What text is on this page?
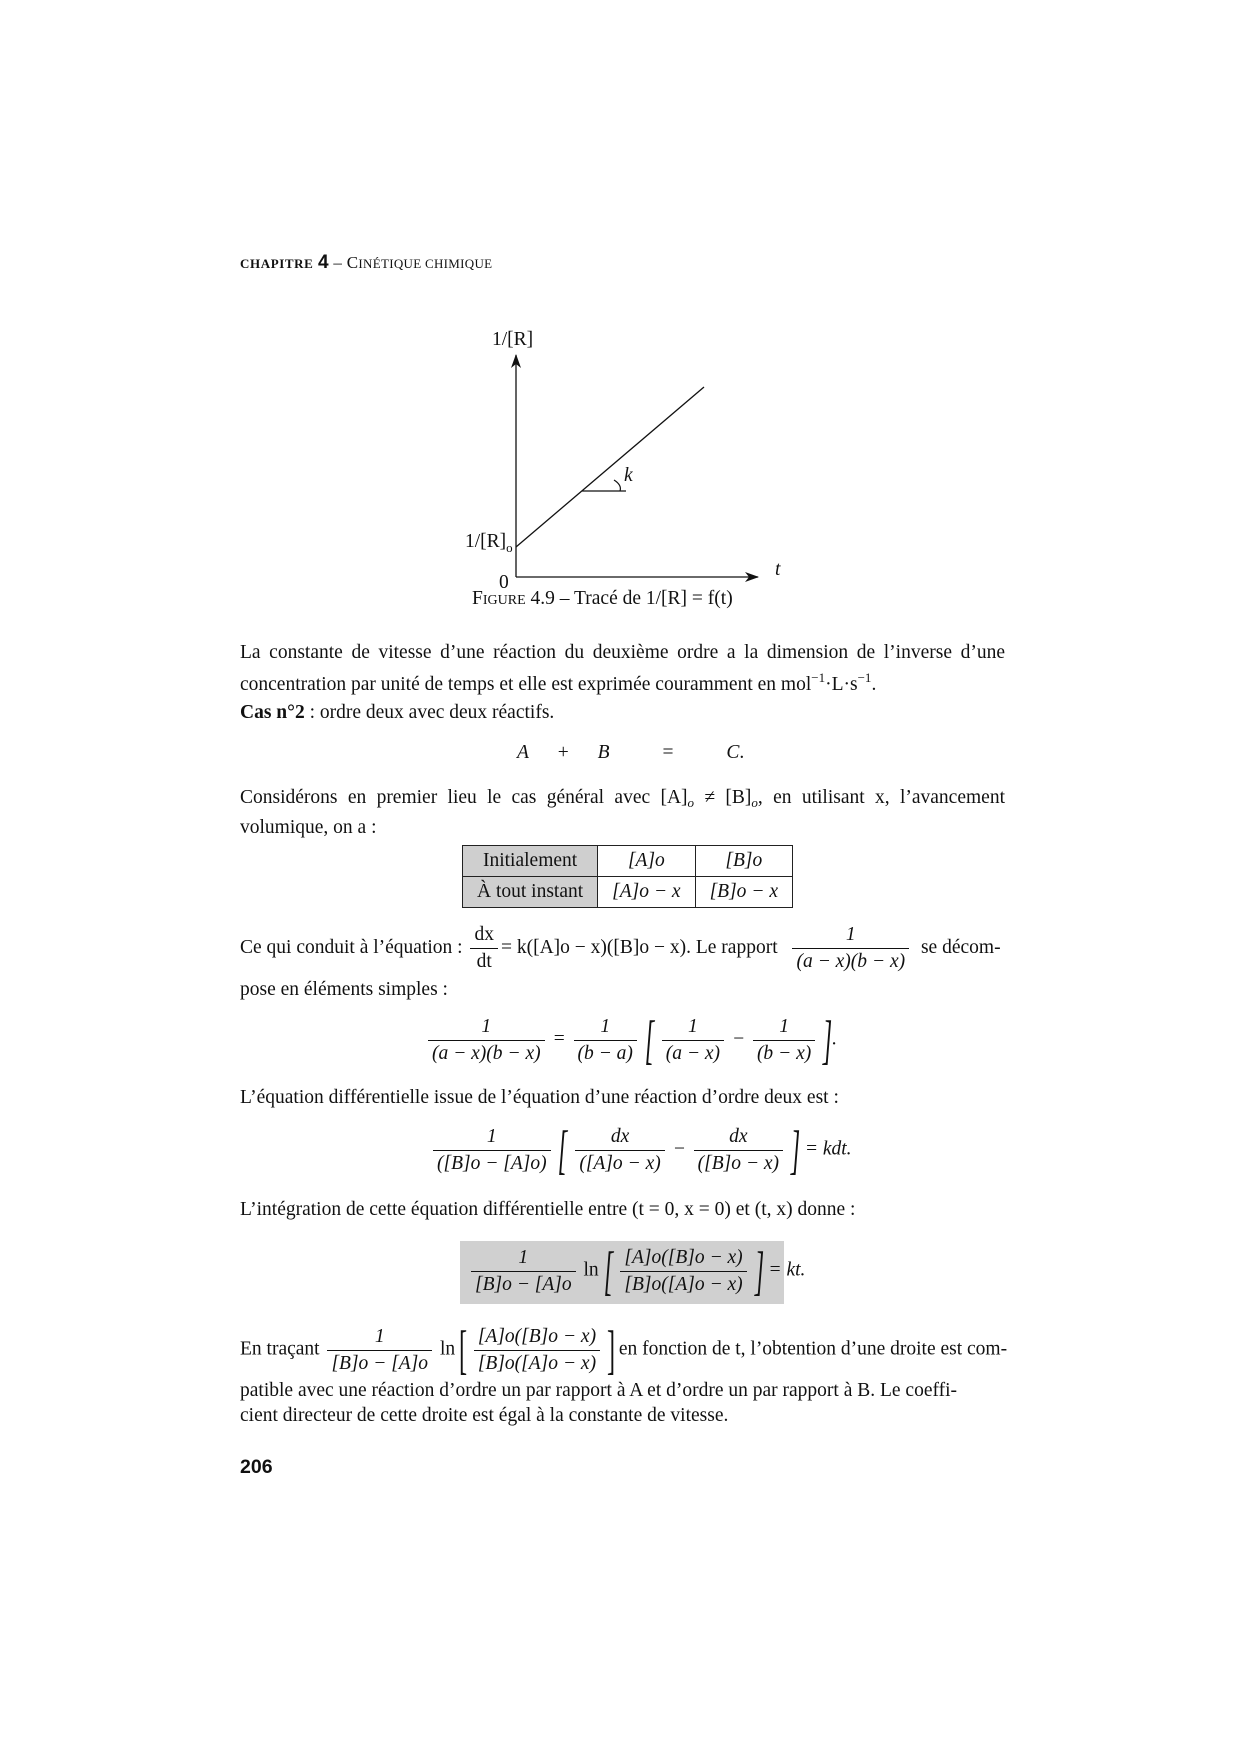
CHAPITRE 4 – CINÉTIQUE CHIMIQUE
1/[R]
$1/[R]_o$
0
t
k
FIGURE 4.9 – Tracé de 1/[R] = f(t)
La constante de vitesse d’une réaction du deuxième ordre a la dimension de l’inverse d’une concentration par unité de temps et elle est exprimée couramment en $mol^{-1}\cdot L\cdot s^{-1}$.
Cas n°2 : ordre deux avec deux réactifs.
A + B	=	C.
Considérons en premier lieu le cas général avec $[A]_o \ne [B]_o$, en utilisant x, l’avancement volumique, on a :
Initialement	[A]o	[B]o
À tout instant	[A]o − x	[B]o − x
Ce qui conduit à l’équation : $\frac{dx}{dt} = k([A]o - x)([B]o - x)$. Le rapport $\frac{1}{(a - x)(b - x)}$ se décom-
pose en éléments simples :
$\frac{1}{(a - x)(b - x)} = \frac{1}{(b - a)}$ [ $\frac{1}{(a - x)} - \frac{1}{(b - x)}$ ].
L’équation différentielle issue de l’équation d’une réaction d’ordre deux est :
$\frac{1}{([B]o - [A]o)}$ [ $\frac{dx}{([A]o - x)} - \frac{dx}{([B]o - x)}$ ] = kdt.
L’intégration de cette équation différentielle entre (t = 0, x = 0) et (t, x) donne :
$\frac{1}{[B]o - [A]o}$ ln [ $\frac{[A]o([B]o - x)}{[B]o([A]o - x)}$ ] = kt.
En traçant $\frac{1}{[B]o - [A]o}$ ln [ $\frac{[A]o([B]o - x)}{[B]o([A]o - x)}$ ] en fonction de t, l’obtention d’une droite est com-
patible avec une réaction d’ordre un par rapport à A et d’ordre un par rapport à B. Le coeffi-
cient directeur de cette droite est égal à la constante de vitesse.
206
